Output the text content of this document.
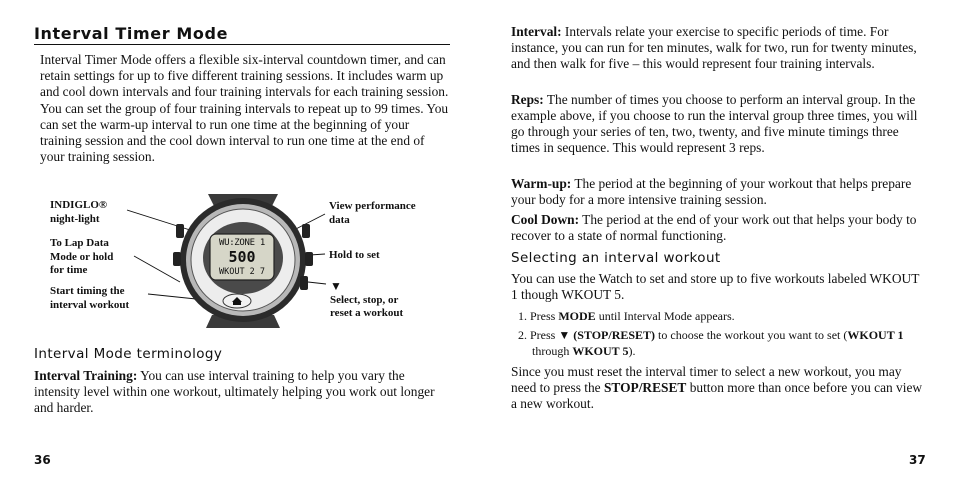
Interval Timer Mode

Interval Timer Mode offers a flexible six-interval countdown timer, and can retain settings for up to five different training sessions. It includes warm up and cool down intervals and four training intervals for each training session. You can set the group of four training intervals to repeat up to 99 times. You can set the warm-up interval to run one time at the beginning of your training session and the cool down interval to run one time at the end of your training session.

INDIGLO®
night-light
To Lap Data
Mode or hold
for time
Start timing the
interval workout
View performance
data
Hold to set
▼
Select, stop, or
reset a workout
WU:ZONE 1
500
WKOUT 2 7
Interval Mode terminology

Interval Training: You can use interval training to help you vary the intensity level within one workout, ultimately helping you work out longer and harder.

36

Interval: Intervals relate your exercise to specific periods of time. For instance, you can run for ten minutes, walk for two, run for twenty minutes, and then walk for five – this would represent four training intervals.

Reps: The number of times you choose to perform an interval group. In the example above, if you choose to run the interval group three times, you will go through your series of ten, two, twenty, and five minute timings three times in sequence. This would represent 3 reps.

Warm-up: The period at the beginning of your workout that helps prepare your body for a more intensive training session.

Cool Down: The period at the end of your work out that helps your body to recover to a state of normal functioning.

Selecting an interval workout

You can use the Watch to set and store up to five workouts labeled WKOUT 1 though WKOUT 5.

1. Press MODE until Interval Mode appears.

2. Press ▼ (STOP/RESET) to choose the workout you want to set (WKOUT 1 through WKOUT 5).

Since you must reset the interval timer to select a new workout, you may need to press the STOP/RESET button more than once before you can view a new workout.

37
